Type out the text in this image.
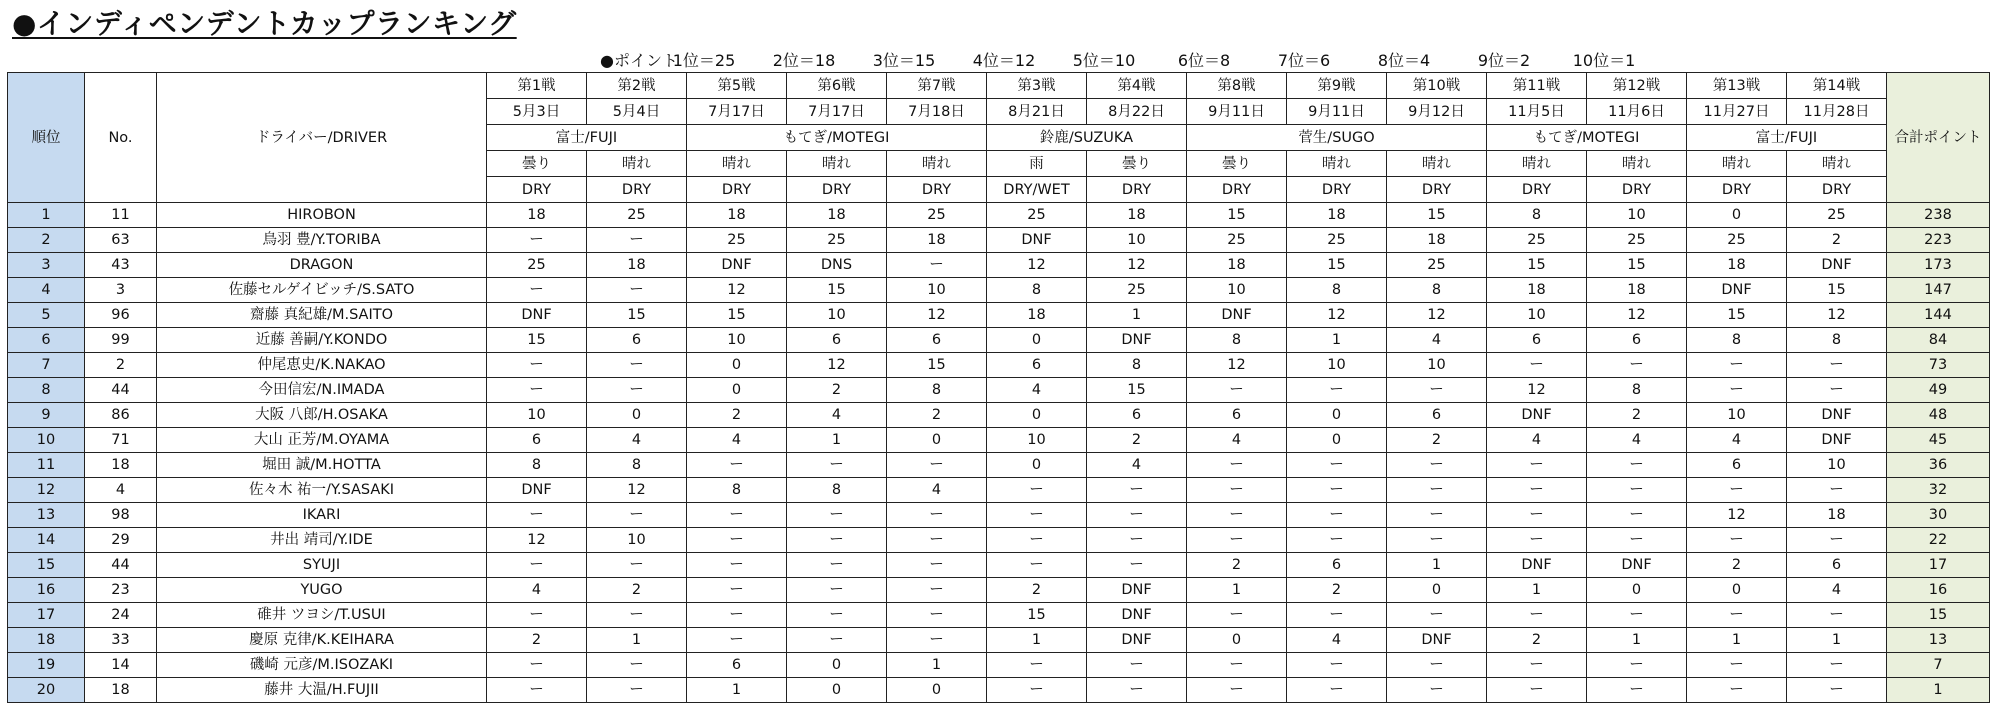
●インディペンデントカップランキング
●ポイント
1位＝25	2位＝18	3位＝15	4位＝12	5位＝10	6位＝8	7位＝6	8位＝4	9位＝2	10位＝1
順位	No.	ドライバー/DRIVER	第1戦	第2戦	第5戦	第6戦	第7戦	第3戦	第4戦	第8戦	第9戦	第10戦	第11戦	第12戦	第13戦	第14戦	合計ポイント
			5月3日	5月4日	7月17日	7月17日	7月18日	8月21日	8月22日	9月11日	9月11日	9月12日	11月5日	11月6日	11月27日	11月28日	
			富士/FUJI		もてぎ/MOTEGI			鈴鹿/SUZUKA		菅生/SUGO			もてぎ/MOTEGI		富士/FUJI		
			曇り	晴れ	晴れ	晴れ	晴れ	雨	曇り	曇り	晴れ	晴れ	晴れ	晴れ	晴れ	晴れ	
			DRY	DRY	DRY	DRY	DRY	DRY/WET	DRY	DRY	DRY	DRY	DRY	DRY	DRY	DRY	
1	11	HIROBON	18	25	18	18	25	25	18	15	18	15	8	10	0	25	238
2	63	鳥羽 豊/Y.TORIBA	ー	ー	25	25	18	DNF	10	25	25	18	25	25	25	2	223
3	43	DRAGON	25	18	DNF	DNS	ー	12	12	18	15	25	15	15	18	DNF	173
4	3	佐藤セルゲイビッチ/S.SATO	ー	ー	12	15	10	8	25	10	8	8	18	18	DNF	15	147
5	96	齋藤 真紀雄/M.SAITO	DNF	15	15	10	12	18	1	DNF	12	12	10	12	15	12	144
6	99	近藤 善嗣/Y.KONDO	15	6	10	6	6	0	DNF	8	1	4	6	6	8	8	84
7	2	仲尾恵史/K.NAKAO	ー	ー	0	12	15	6	8	12	10	10	ー	ー	ー	ー	73
8	44	今田信宏/N.IMADA	ー	ー	0	2	8	4	15	ー	ー	ー	12	8	ー	ー	49
9	86	大阪 八郎/H.OSAKA	10	0	2	4	2	0	6	6	0	6	DNF	2	10	DNF	48
10	71	大山 正芳/M.OYAMA	6	4	4	1	0	10	2	4	0	2	4	4	4	DNF	45
11	18	堀田 誠/M.HOTTA	8	8	ー	ー	ー	0	4	ー	ー	ー	ー	ー	6	10	36
12	4	佐々木 祐一/Y.SASAKI	DNF	12	8	8	4	ー	ー	ー	ー	ー	ー	ー	ー	ー	32
13	98	IKARI	ー	ー	ー	ー	ー	ー	ー	ー	ー	ー	ー	ー	12	18	30
14	29	井出 靖司/Y.IDE	12	10	ー	ー	ー	ー	ー	ー	ー	ー	ー	ー	ー	ー	22
15	44	SYUJI	ー	ー	ー	ー	ー	ー	ー	2	6	1	DNF	DNF	2	6	17
16	23	YUGO	4	2	ー	ー	ー	2	DNF	1	2	0	1	0	0	4	16
17	24	碓井 ツヨシ/T.USUI	ー	ー	ー	ー	ー	15	DNF	ー	ー	ー	ー	ー	ー	ー	15
18	33	慶原 克律/K.KEIHARA	2	1	ー	ー	ー	1	DNF	0	4	DNF	2	1	1	1	13
19	14	磯崎 元彦/M.ISOZAKI	ー	ー	6	0	1	ー	ー	ー	ー	ー	ー	ー	ー	ー	7
20	18	藤井 大温/H.FUJII	ー	ー	1	0	0	ー	ー	ー	ー	ー	ー	ー	ー	ー	1
